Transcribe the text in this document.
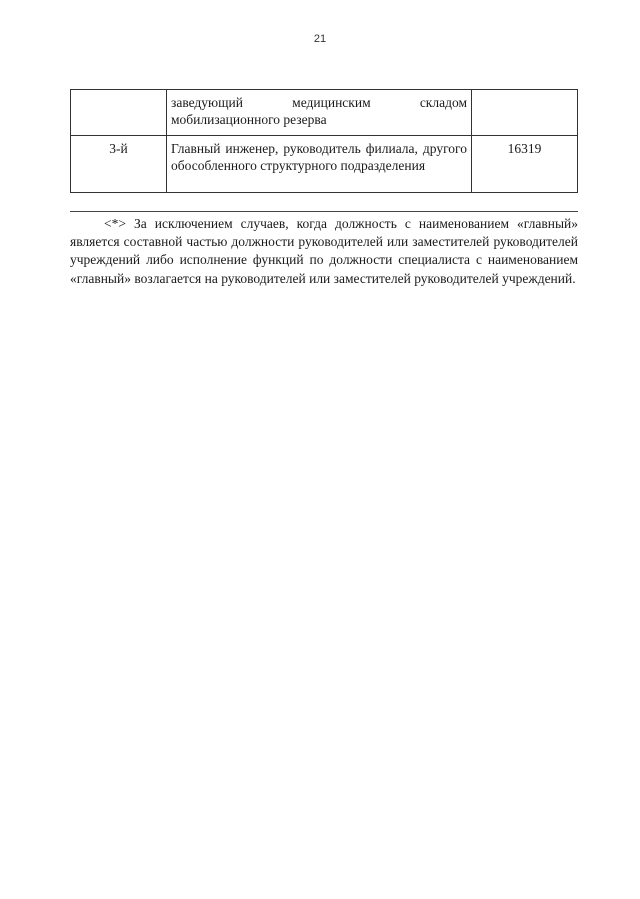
21
	заведующий медицинским складом мобилизационного резерва	
3-й	Главный инженер, руководитель филиала, другого обособленного структурного подразделения	16319

<*> За исключением случаев, когда должность с наименованием «главный» является составной частью должности руководителей или заместителей руководителей учреждений либо исполнение функций по должности специалиста с наименованием «главный» возлагается на руководителей или заместителей руководителей учреждений.
